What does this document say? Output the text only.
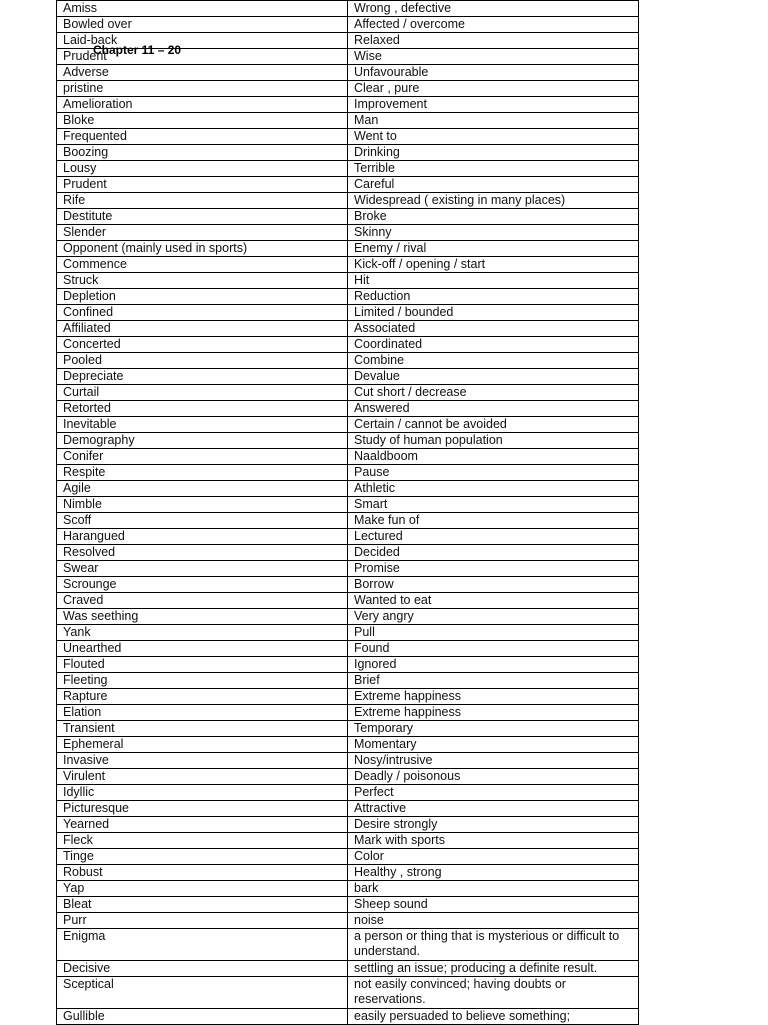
Amiss	Wrong , defective
Bowled over	Affected / overcome
Laid-back	Relaxed
Prudent	Wise
Adverse	Unfavourable
pristine	Clear , pure
Amelioration	Improvement
Bloke	Man
Frequented	Went to
Boozing	Drinking
Lousy	Terrible
Prudent	Careful
Rife	Widespread ( existing in many places)
Destitute	Broke
Slender	Skinny
Opponent (mainly used in sports)	Enemy / rival
Commence	Kick-off / opening / start
Struck	Hit
Depletion	Reduction
Confined	Limited / bounded
Affiliated	Associated
Concerted	Coordinated
Pooled	Combine
Depreciate	Devalue
Curtail	Cut short / decrease
Retorted	Answered
Inevitable	Certain / cannot be avoided
Demography	Study of human population
Conifer	Naaldboom
Respite	Pause
Agile	Athletic
Nimble	Smart
Scoff	Make fun of
Harangued	Lectured
Resolved	Decided
Swear	Promise
Scrounge	Borrow
Craved	Wanted to eat
Was seething	Very angry
Yank	Pull
Unearthed	Found
Flouted	Ignored
Fleeting	Brief
Rapture	Extreme happiness
Elation	Extreme happiness
Transient	Temporary
Ephemeral	Momentary
Invasive	Nosy/intrusive
Virulent	Deadly / poisonous
Idyllic	Perfect
Picturesque	Attractive
Yearned	Desire strongly
Fleck	Mark with sports
Tinge	Color
Robust	Healthy , strong
Yap	bark
Bleat	Sheep sound
Purr	noise
Enigma	a person or thing that is mysterious or difficult to understand.
Decisive	settling an issue; producing a definite result.
Sceptical	not easily convinced; having doubts or reservations.
Gullible	easily persuaded to believe something;
Chapter 11 – 20
